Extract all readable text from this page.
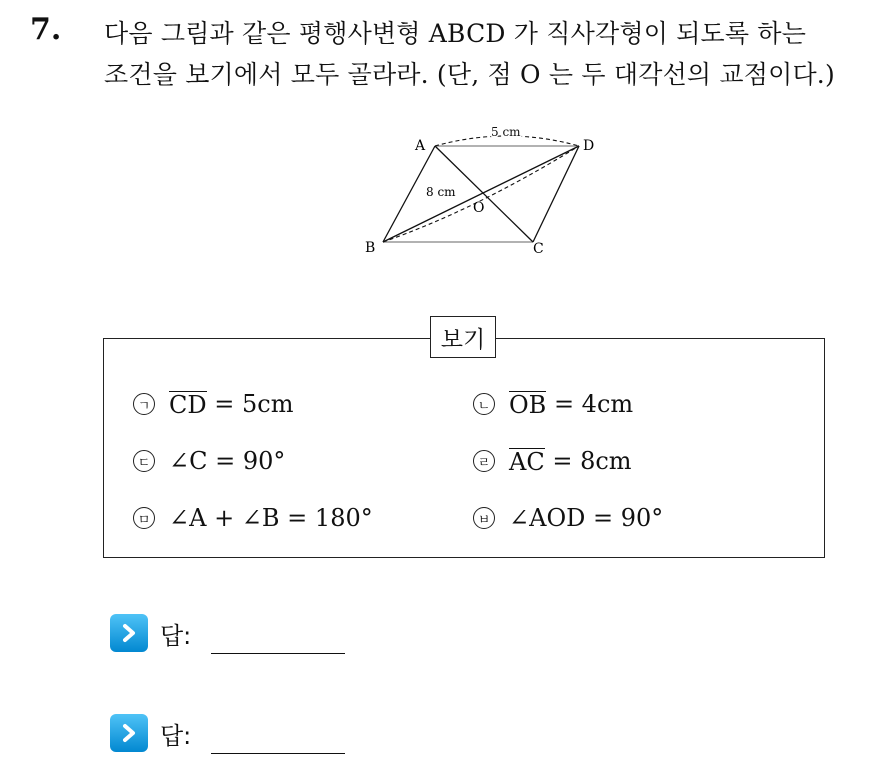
7. 다음 그림과 같은 평행사변형 ABCD 가 직사각형이 되도록 하는
조건을 보기에서 모두 골라라. (단, 점 O 는 두 대각선의 교점이다.)
A	D
B	C
O
5 cm
8 cm
보기
ㄱ CD = 5cm	ㄴ OB = 4cm
ㄷ ∠C = 90°	ㄹ AC = 8cm
ㅁ ∠A + ∠B = 180°	ㅂ ∠AOD = 90°
답:
답:
